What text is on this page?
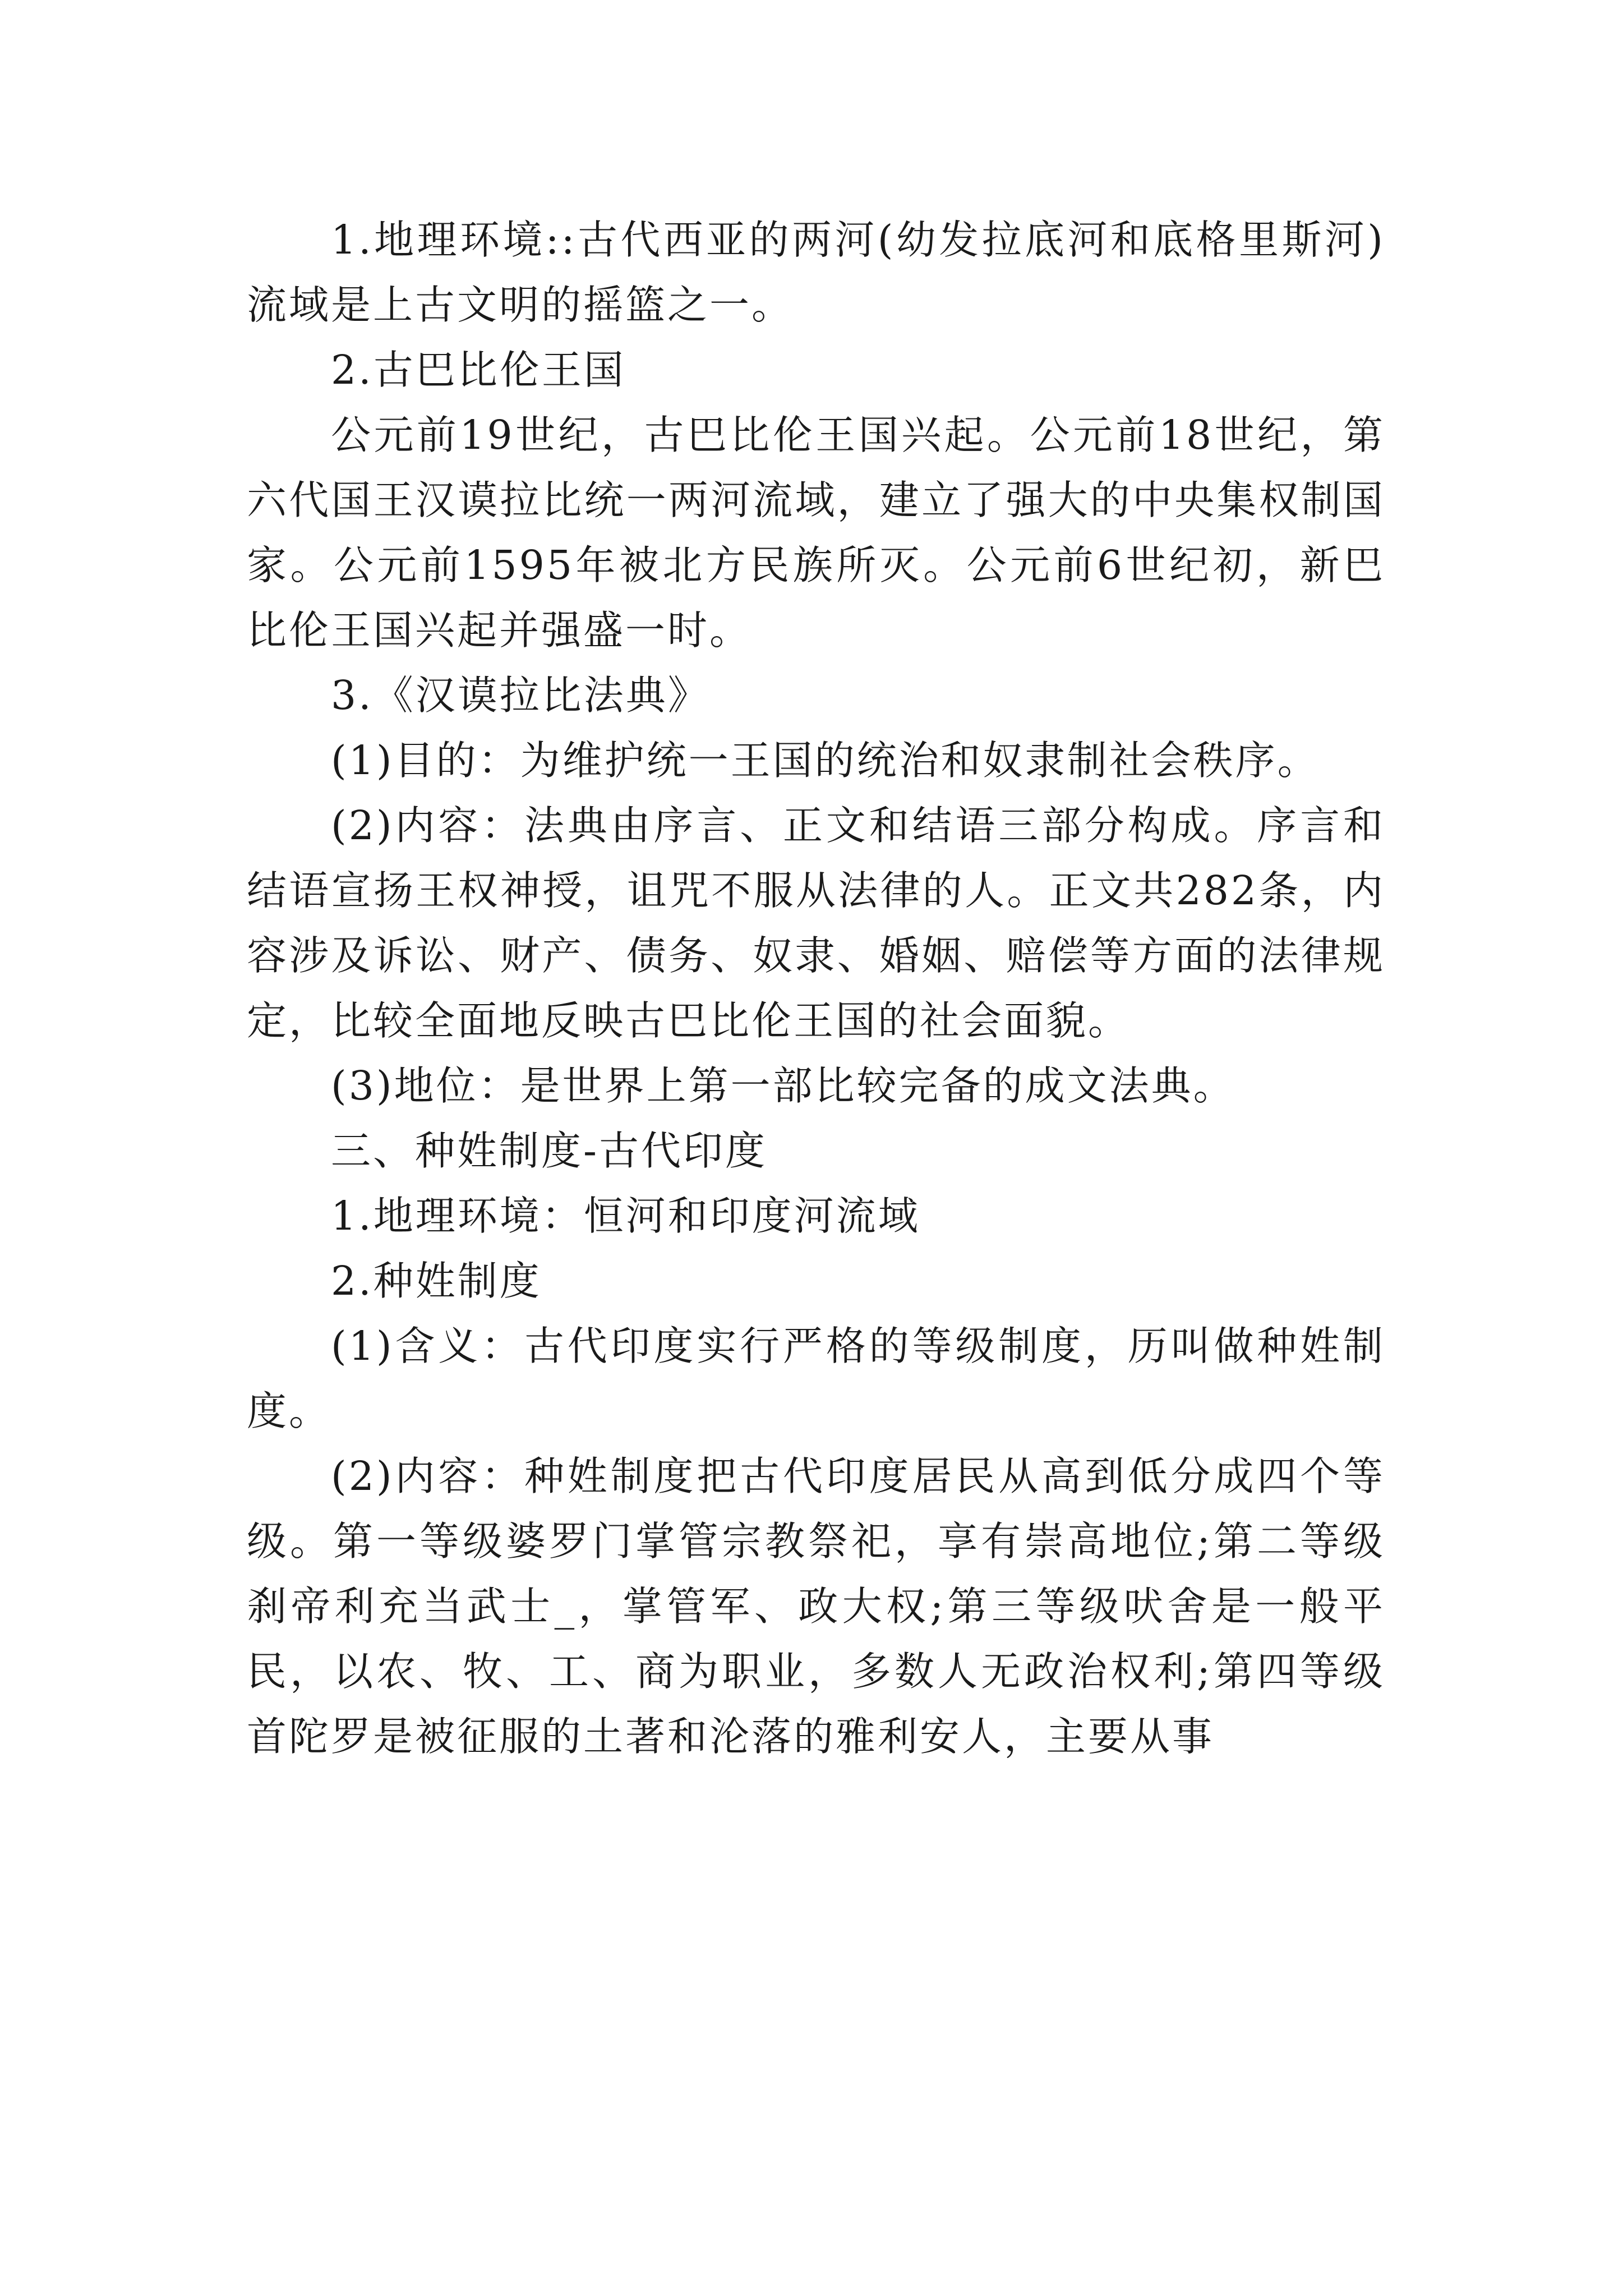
1.地理环境::古代西亚的两河(幼发拉底河和底格里斯河)流域是上古文明的摇篮之一。

2.古巴比伦王国

公元前19世纪，古巴比伦王国兴起。公元前18世纪，第六代国王汉谟拉比统一两河流域，建立了强大的中央集权制国家。公元前1595年被北方民族所灭。公元前6世纪初，新巴比伦王国兴起并强盛一时。

3.《汉谟拉比法典》

(1)目的：为维护统一王国的统治和奴隶制社会秩序。

(2)内容：法典由序言、正文和结语三部分构成。序言和结语宣扬王权神授，诅咒不服从法律的人。正文共282条，内容涉及诉讼、财产、债务、奴隶、婚姻、赔偿等方面的法律规定，比较全面地反映古巴比伦王国的社会面貌。

(3)地位：是世界上第一部比较完备的成文法典。

三、种姓制度-古代印度

1.地理环境：恒河和印度河流域

2.种姓制度

(1)含义：古代印度实行严格的等级制度，历叫做种姓制度。

(2)内容：种姓制度把古代印度居民从高到低分成四个等级。第一等级婆罗门掌管宗教祭祀，享有崇高地位;第二等级刹帝利充当武士_，掌管军、政大权;第三等级吠舍是一般平民，以农、牧、工、商为职业，多数人无政治权利;第四等级首陀罗是被征服的土著和沦落的雅利安人，主要从事
